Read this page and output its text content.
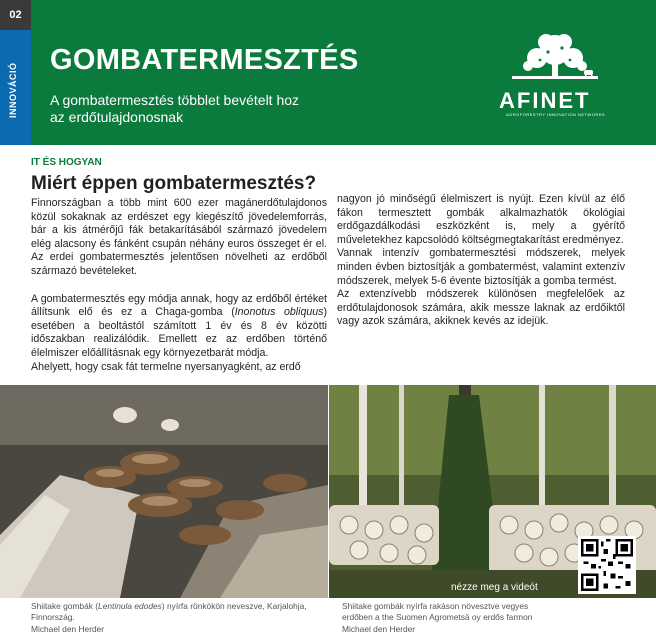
02
INNOVÁCIÓ
GOMBATERMESZTÉS
A gombatermesztés többlet bevételt hoz
az erdőtulajdonosnak
AFINET
AGROFORESTRY INNOVATION NETWORKS
IT ÉS HOGYAN
Miért éppen gombatermesztés?

Finnországban a több mint 600 ezer magánerdőtulajdonos közül sokaknak az erdészet egy kiegészítő jövedelemforrás, bár a kis átmérőjű fák betakarításából származó jövedelem elég alacsony és fánként csupán néhány euros összeget ér el. Az erdei gombatermesztés jelentősen növelheti az erdőből származó bevételeket.

A gombatermesztés egy módja annak, hogy az erdőből értéket állítsunk elő és ez a Chaga-gomba (Inonotus obliquus) esetében a beoltástól számított 1 év és 8 év közötti időszakban realizálódik. Emellett ez az erdőben történő élelmiszer előállításnak egy környezetbarát módja.

Ahelyett, hogy csak fát termelne nyersanyagként, az erdő

nagyon jó minőségű élelmiszert is nyújt. Ezen kívül az élő fákon termesztett gombák alkalmazhatók ökológiai erdőgazdálkodási eszközként is, mely a gyérítő műveletekhez kapcsolódó költségmegtakarítást eredményez.

Vannak intenzív gombatermesztési módszerek, melyek minden évben biztosítják a gombatermést, valamint extenzív módszerek, melyek 5-6 évente biztosítják a gomba termést.

Az extenzívebb módszerek különösen megfelelőek az erdőtulajdonosok számára, akik messze laknak az erdőiktől vagy azok számára, akiknek kevés az idejük.

nézze meg a videót
Shiitake gombák (Lentinula edodes) nyírfa rönkökön neveszve, Karjalohja, Finnország.
Michael den Herder
Shiitake gombák nyírfa rakáson növesztve vegyes
erdőben a the Suomen Agrometsä oy erdős farmon
Michael den Herder
